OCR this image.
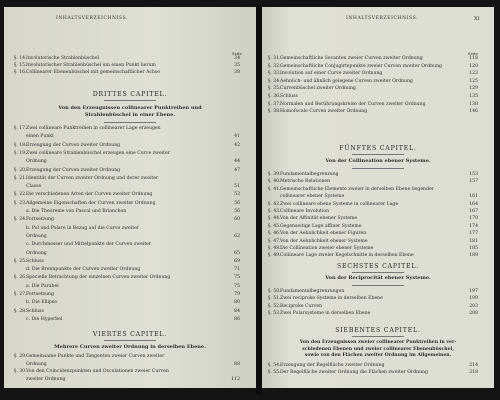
INHALTSVERZEICHNISS.
Seite
§. 14.Involutorische Strahlenbüschel	34
§. 15.Involutorischer Strahlenbüschel um einen Punkt herum	35
§. 16.Collinearer Ebenenbüschel mit gemeinschaftlicher Achse	38
DRITTES CAPITEL.
Von den Erzeugnissen collinearer Punktreihen und
Strahlenbüschel in einer Ebene.
§. 17.Zwei collineare Punktreihen in collinearer Lage erzeugen
einen Punkt	41
§. 18.Erzeugung der Curven zweiter Ordnung	42
§. 19.Zwei collineare Strahlenbüschel erzeugen eine Curve zweiter
Ordnung	44
§. 20.Erzeugung der Curven zweiter Ordnung	47
§. 21.Identität der Curven zweiter Ordnung und derer zweiter
Classe	51
§. 22.Die verschiedenen Arten der Curven zweiter Ordnung	53
§. 23.Allgemeine Eigenschaften der Curven zweiter Ordnung	56
a. Die Theoreme von Pascal und Brianchon	56
§. 24.Fortsetzung	60
b. Pol und Polare in Bezug auf die Curve zweiter
Ordnung	62
c. Durchmesser und Mittelpunkte der Curven zweiter
Ordnung	65
§. 25.Schluss	69
d. Die Brennpunkte der Curven zweiter Ordnung	71
§. 26.Specielle Betrachtung der einzelnen Curven zweiter Ordnung	75
a. Die Parabel	75
§. 27.Fortsetzung	79
b. Die Ellipse	80
§. 28.Schluss	84
c. Die Hyperbel	86
VIERTES CAPITEL.
Mehrere Curven zweiter Ordnung in derselben Ebene.
§. 29.Gemeinsame Punkte und Tangenten zweier Curven zweiter
Ordnung	88
§. 30.Von den Coincidenzpunkten und Osculationen zweier Curven
zweiter Ordnung	112
INHALTSVERZEICHNISS.	XI
Seite
§. 31.Gemeinschaftliche Secanten zweier Curven zweiter Ordnung	118
§. 32.Gemeinschaftliche Conjugirtepunkte zweier Curven zweiter Ordnung	120
§. 33.Involution auf einer Curve zweiter Ordnung	123
§. 34.Aehnlich- und ähnlich gelegene Curven zweiter Ordnung	125
§. 35.Curvenbüschel zweiter Ordnung	129
§. 36.Schluss	135
§. 37.Normalen und Berührungskreise der Curven zweiter Ordnung	138
§. 38.Homofocale Curven zweiter Ordnung	146
FÜNFTES CAPITEL.
Von der Collineation ebener Systeme.
§. 39.Fundamentalbegrenzung	153
§. 40.Metrische Relationen	157
§. 41.Gemeinschaftliche Elemente zweier in derselben Ebene liegender
collinearer ebener Systeme	161
§. 42.Zwei collineare ebene Systeme in collinearer Lage	164
§. 43.Collineare Involution	167
§. 44.Von der Affinität ebener Systeme	170
§. 45.Gegenseitige Lage affiner Systeme	174
§. 46.Von der Aehnlichkeit ebener Figuren	177
§. 47.Von der Aehnlichkeit ebener Systeme	181
§. 48.Die Collineation zweier ebener Systeme	185
§. 49.Collineare Lage zweier Kegelschnitte in derselben Ebene	189
SECHSTES CAPITEL.
Von der Reciprocität ebener Systeme.
§. 50.Fundamentalbegrenzungen	197
§. 51.Zwei reciproke Systeme in derselben Ebene	199
§. 52.Reciproke Curven	203
§. 53.Zwei Polarsysteme in derselben Ebene	208
SIEBENTES CAPITEL.
Von den Erzeugnissen zweier collinearer Punktreihen in ver-
schiedenen Ebenen und zweier collinearer Ebenenbüschel,
sowie von den Flächen zweiter Ordnung im Allgemeinen.
§. 54.Erzeugung der Regelfläche zweiter Ordnung	214
§. 55.Der Regelfläche zweiter Ordnung die Flächen zweiter Ordnung	218
